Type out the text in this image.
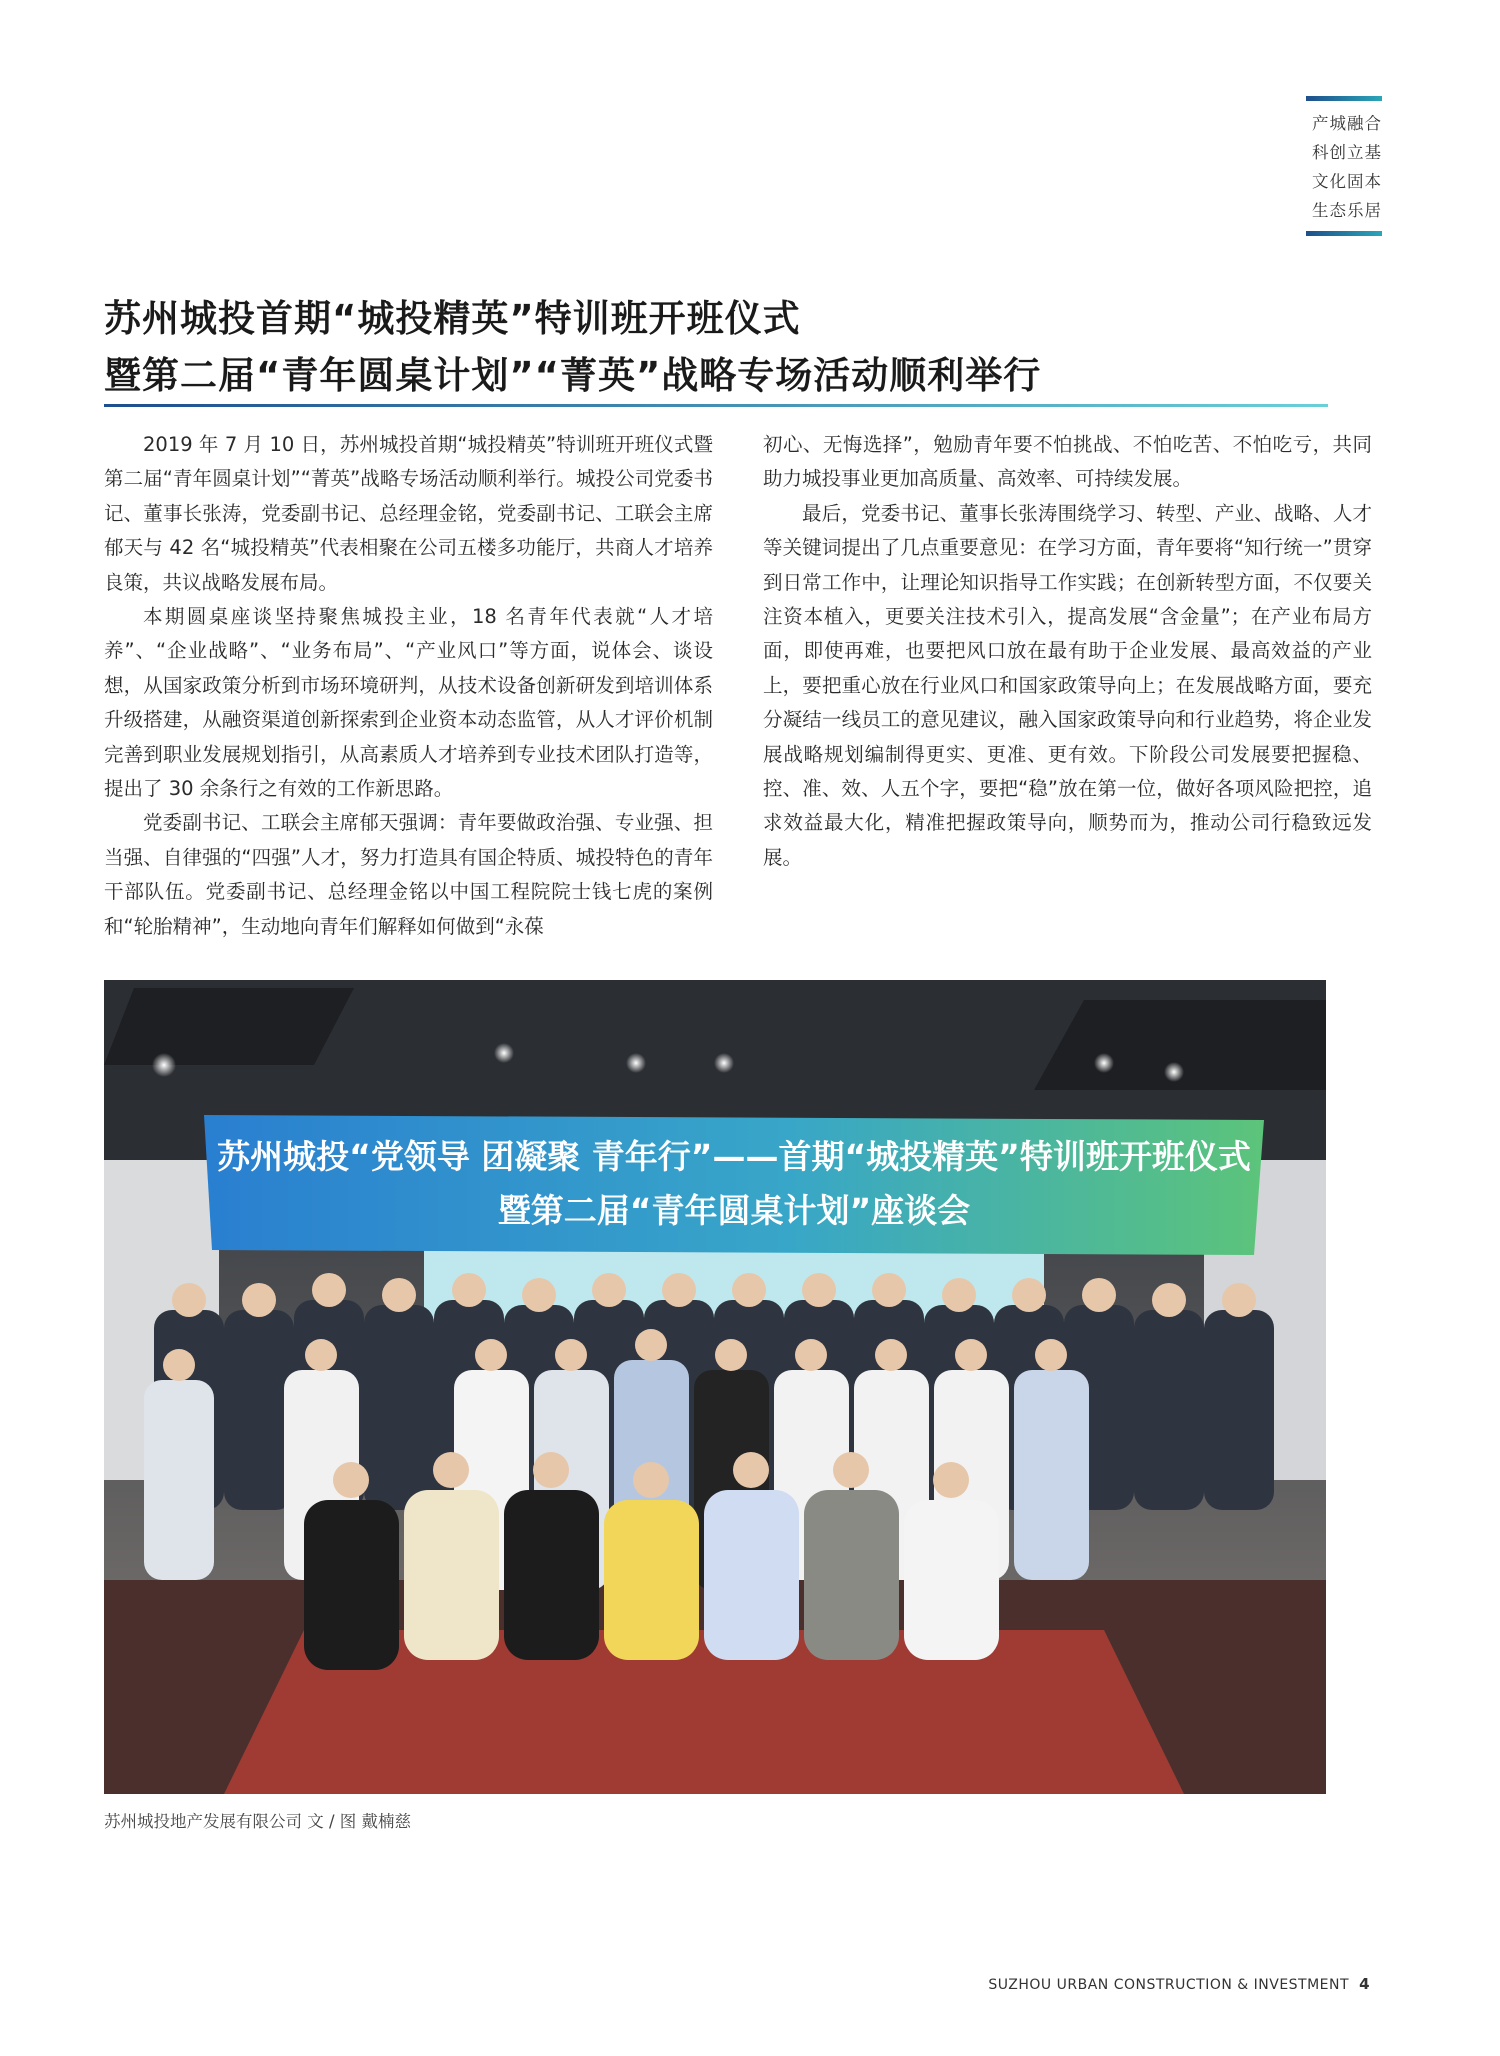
产城融合
科创立基
文化固本
生态乐居
苏州城投首期“城投精英”特训班开班仪式
暨第二届“青年圆桌计划”“菁英”战略专场活动顺利举行

2019 年 7 月 10 日，苏州城投首期“城投精英”特训班开班仪式暨第二届“青年圆桌计划”“菁英”战略专场活动顺利举行。城投公司党委书记、董事长张涛，党委副书记、总经理金铭，党委副书记、工联会主席郁天与 42 名“城投精英”代表相聚在公司五楼多功能厅，共商人才培养良策，共议战略发展布局。

本期圆桌座谈坚持聚焦城投主业，18 名青年代表就“人才培养”、“企业战略”、“业务布局”、“产业风口”等方面，说体会、谈设想，从国家政策分析到市场环境研判，从技术设备创新研发到培训体系升级搭建，从融资渠道创新探索到企业资本动态监管，从人才评价机制完善到职业发展规划指引，从高素质人才培养到专业技术团队打造等，提出了 30 余条行之有效的工作新思路。

党委副书记、工联会主席郁天强调：青年要做政治强、专业强、担当强、自律强的“四强”人才，努力打造具有国企特质、城投特色的青年干部队伍。党委副书记、总经理金铭以中国工程院院士钱七虎的案例和“轮胎精神”，生动地向青年们解释如何做到“永葆

初心、无悔选择”，勉励青年要不怕挑战、不怕吃苦、不怕吃亏，共同助力城投事业更加高质量、高效率、可持续发展。

最后，党委书记、董事长张涛围绕学习、转型、产业、战略、人才等关键词提出了几点重要意见：在学习方面，青年要将“知行统一”贯穿到日常工作中，让理论知识指导工作实践；在创新转型方面，不仅要关注资本植入，更要关注技术引入，提高发展“含金量”；在产业布局方面，即使再难，也要把风口放在最有助于企业发展、最高效益的产业上，要把重心放在行业风口和国家政策导向上；在发展战略方面，要充分凝结一线员工的意见建议，融入国家政策导向和行业趋势，将企业发展战略规划编制得更实、更准、更有效。下阶段公司发展要把握稳、控、准、效、人五个字，要把“稳”放在第一位，做好各项风险把控，追求效益最大化，精准把握政策导向，顺势而为，推动公司行稳致远发展。

苏州城投“党领导 团凝聚 青年行”——首期“城投精英”特训班开班仪式
暨第二届“青年圆桌计划”座谈会
苏州城投地产发展有限公司 文 / 图 戴楠慈
SUZHOU URBAN CONSTRUCTION & INVESTMENT 4
